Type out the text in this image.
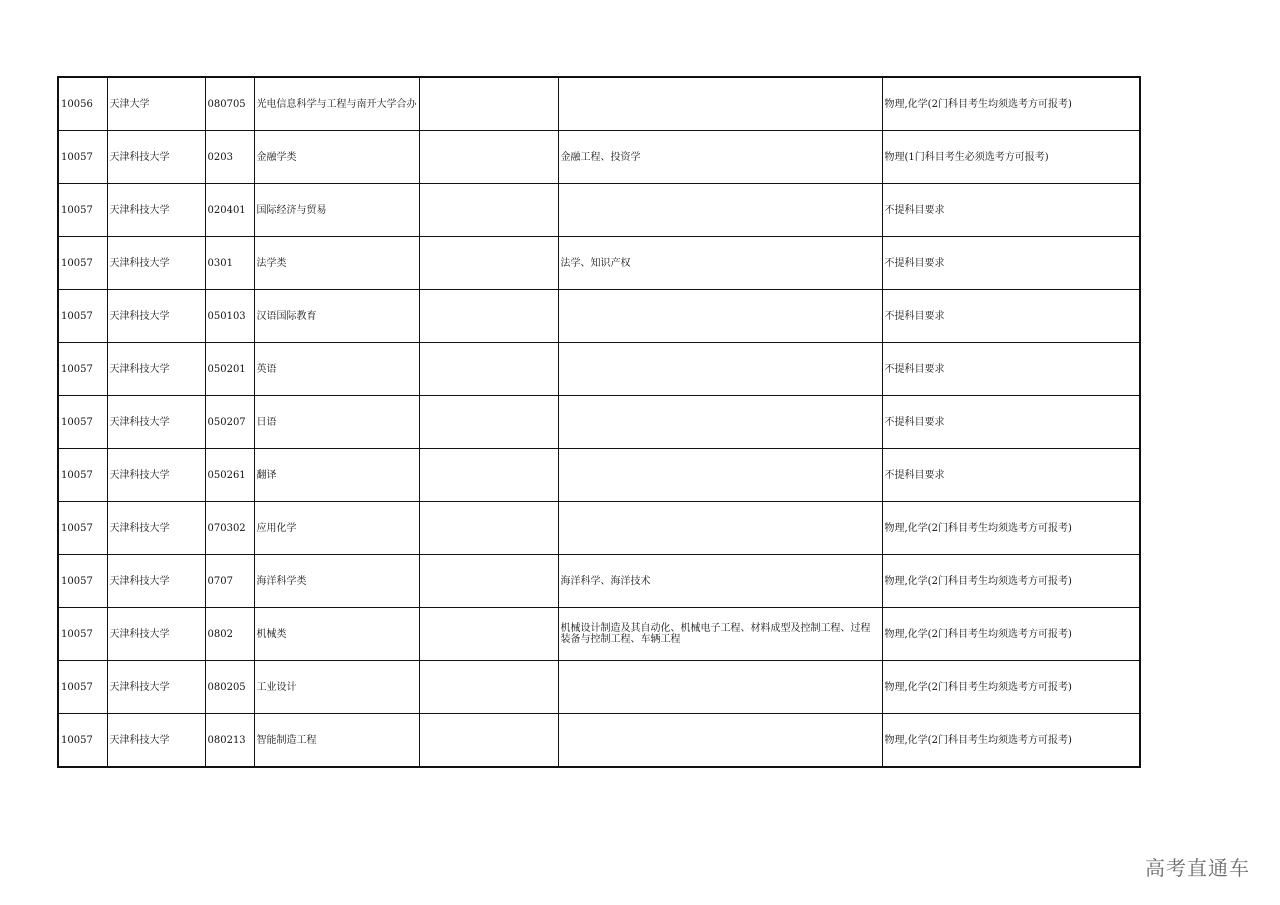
10056	天津大学	080705	光电信息科学与工程与南开大学合办			物理,化学(2门科目考生均须选考方可报考)
10057	天津科技大学	0203	金融学类		金融工程、投资学	物理(1门科目考生必须选考方可报考)
10057	天津科技大学	020401	国际经济与贸易			不提科目要求
10057	天津科技大学	0301	法学类		法学、知识产权	不提科目要求
10057	天津科技大学	050103	汉语国际教育			不提科目要求
10057	天津科技大学	050201	英语			不提科目要求
10057	天津科技大学	050207	日语			不提科目要求
10057	天津科技大学	050261	翻译			不提科目要求
10057	天津科技大学	070302	应用化学			物理,化学(2门科目考生均须选考方可报考)
10057	天津科技大学	0707	海洋科学类		海洋科学、海洋技术	物理,化学(2门科目考生均须选考方可报考)
10057	天津科技大学	0802	机械类		机械设计制造及其自动化、机械电子工程、材料成型及控制工程、过程装备与控制工程、车辆工程	物理,化学(2门科目考生均须选考方可报考)
10057	天津科技大学	080205	工业设计			物理,化学(2门科目考生均须选考方可报考)
10057	天津科技大学	080213	智能制造工程			物理,化学(2门科目考生均须选考方可报考)
高考直通车
